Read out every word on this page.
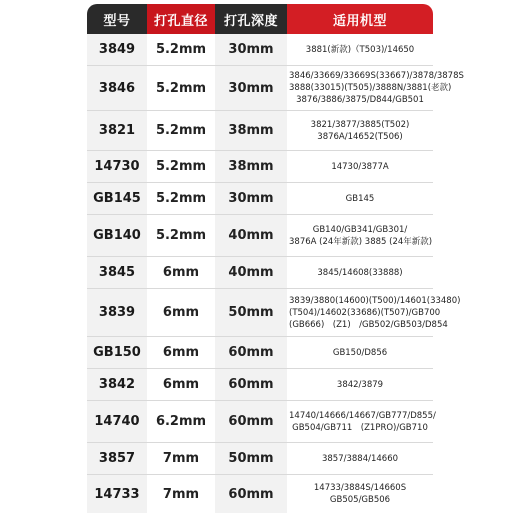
型号	打孔直径	打孔深度	适用机型
3849	5.2mm	30mm	3881(新款)（T503)/14650

3846	5.2mm	30mm	3846/33669/33669S(33667)/3878/3878S
3888(33015)(T505)/3888N/3881(老款)
3876/3886/3875/D844/GB501

3821	5.2mm	38mm	3821/3877/3885(T502)
3876A/14652(T506)

14730	5.2mm	38mm	14730/3877A

GB145	5.2mm	30mm	GB145

GB140	5.2mm	40mm	GB140/GB341/GB301/
3876A (24年新款) 3885 (24年新款)

3845	6mm	40mm	3845/14608(33888)

3839	6mm	50mm	3839/3880(14600)(T500)/14601(33480)
(T504)/14602(33686)(T507)/GB700
(GB666)　(Z1)　/GB502/GB503/D854

GB150	6mm	60mm	GB150/D856

3842	6mm	60mm	3842/3879

14740	6.2mm	60mm	14740/14666/14667/GB777/D855/
GB504/GB711　(Z1PRO)/GB710

3857	7mm	50mm	3857/3884/14660

14733	7mm	60mm	14733/3884S/14660S
GB505/GB506
